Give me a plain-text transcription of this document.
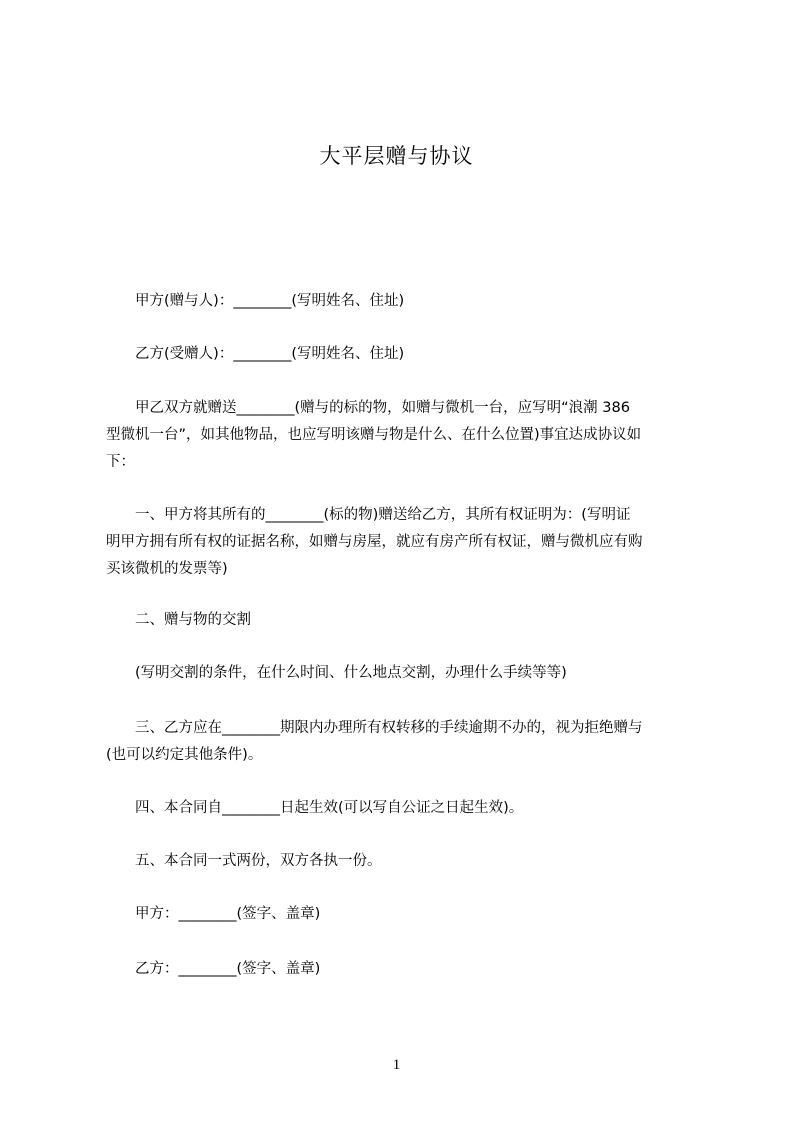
大平层赠与协议
　　甲方(赠与人)：________(写明姓名、住址)
　　乙方(受赠人)：________(写明姓名、住址)
　　甲乙双方就赠送________(赠与的标的物，如赠与微机一台，应写明“浪潮 386
型微机一台”，如其他物品，也应写明该赠与物是什么、在什么位置)事宜达成协议如
下：
　　一、甲方将其所有的________(标的物)赠送给乙方，其所有权证明为：(写明证
明甲方拥有所有权的证据名称，如赠与房屋，就应有房产所有权证，赠与微机应有购
买该微机的发票等)
　　二、赠与物的交割
　　(写明交割的条件，在什么时间、什么地点交割，办理什么手续等等)
　　三、乙方应在________期限内办理所有权转移的手续逾期不办的，视为拒绝赠与
(也可以约定其他条件)。
　　四、本合同自________日起生效(可以写自公证之日起生效)。
　　五、本合同一式两份，双方各执一份。
　　甲方：________(签字、盖章)
　　乙方：________(签字、盖章)
1
